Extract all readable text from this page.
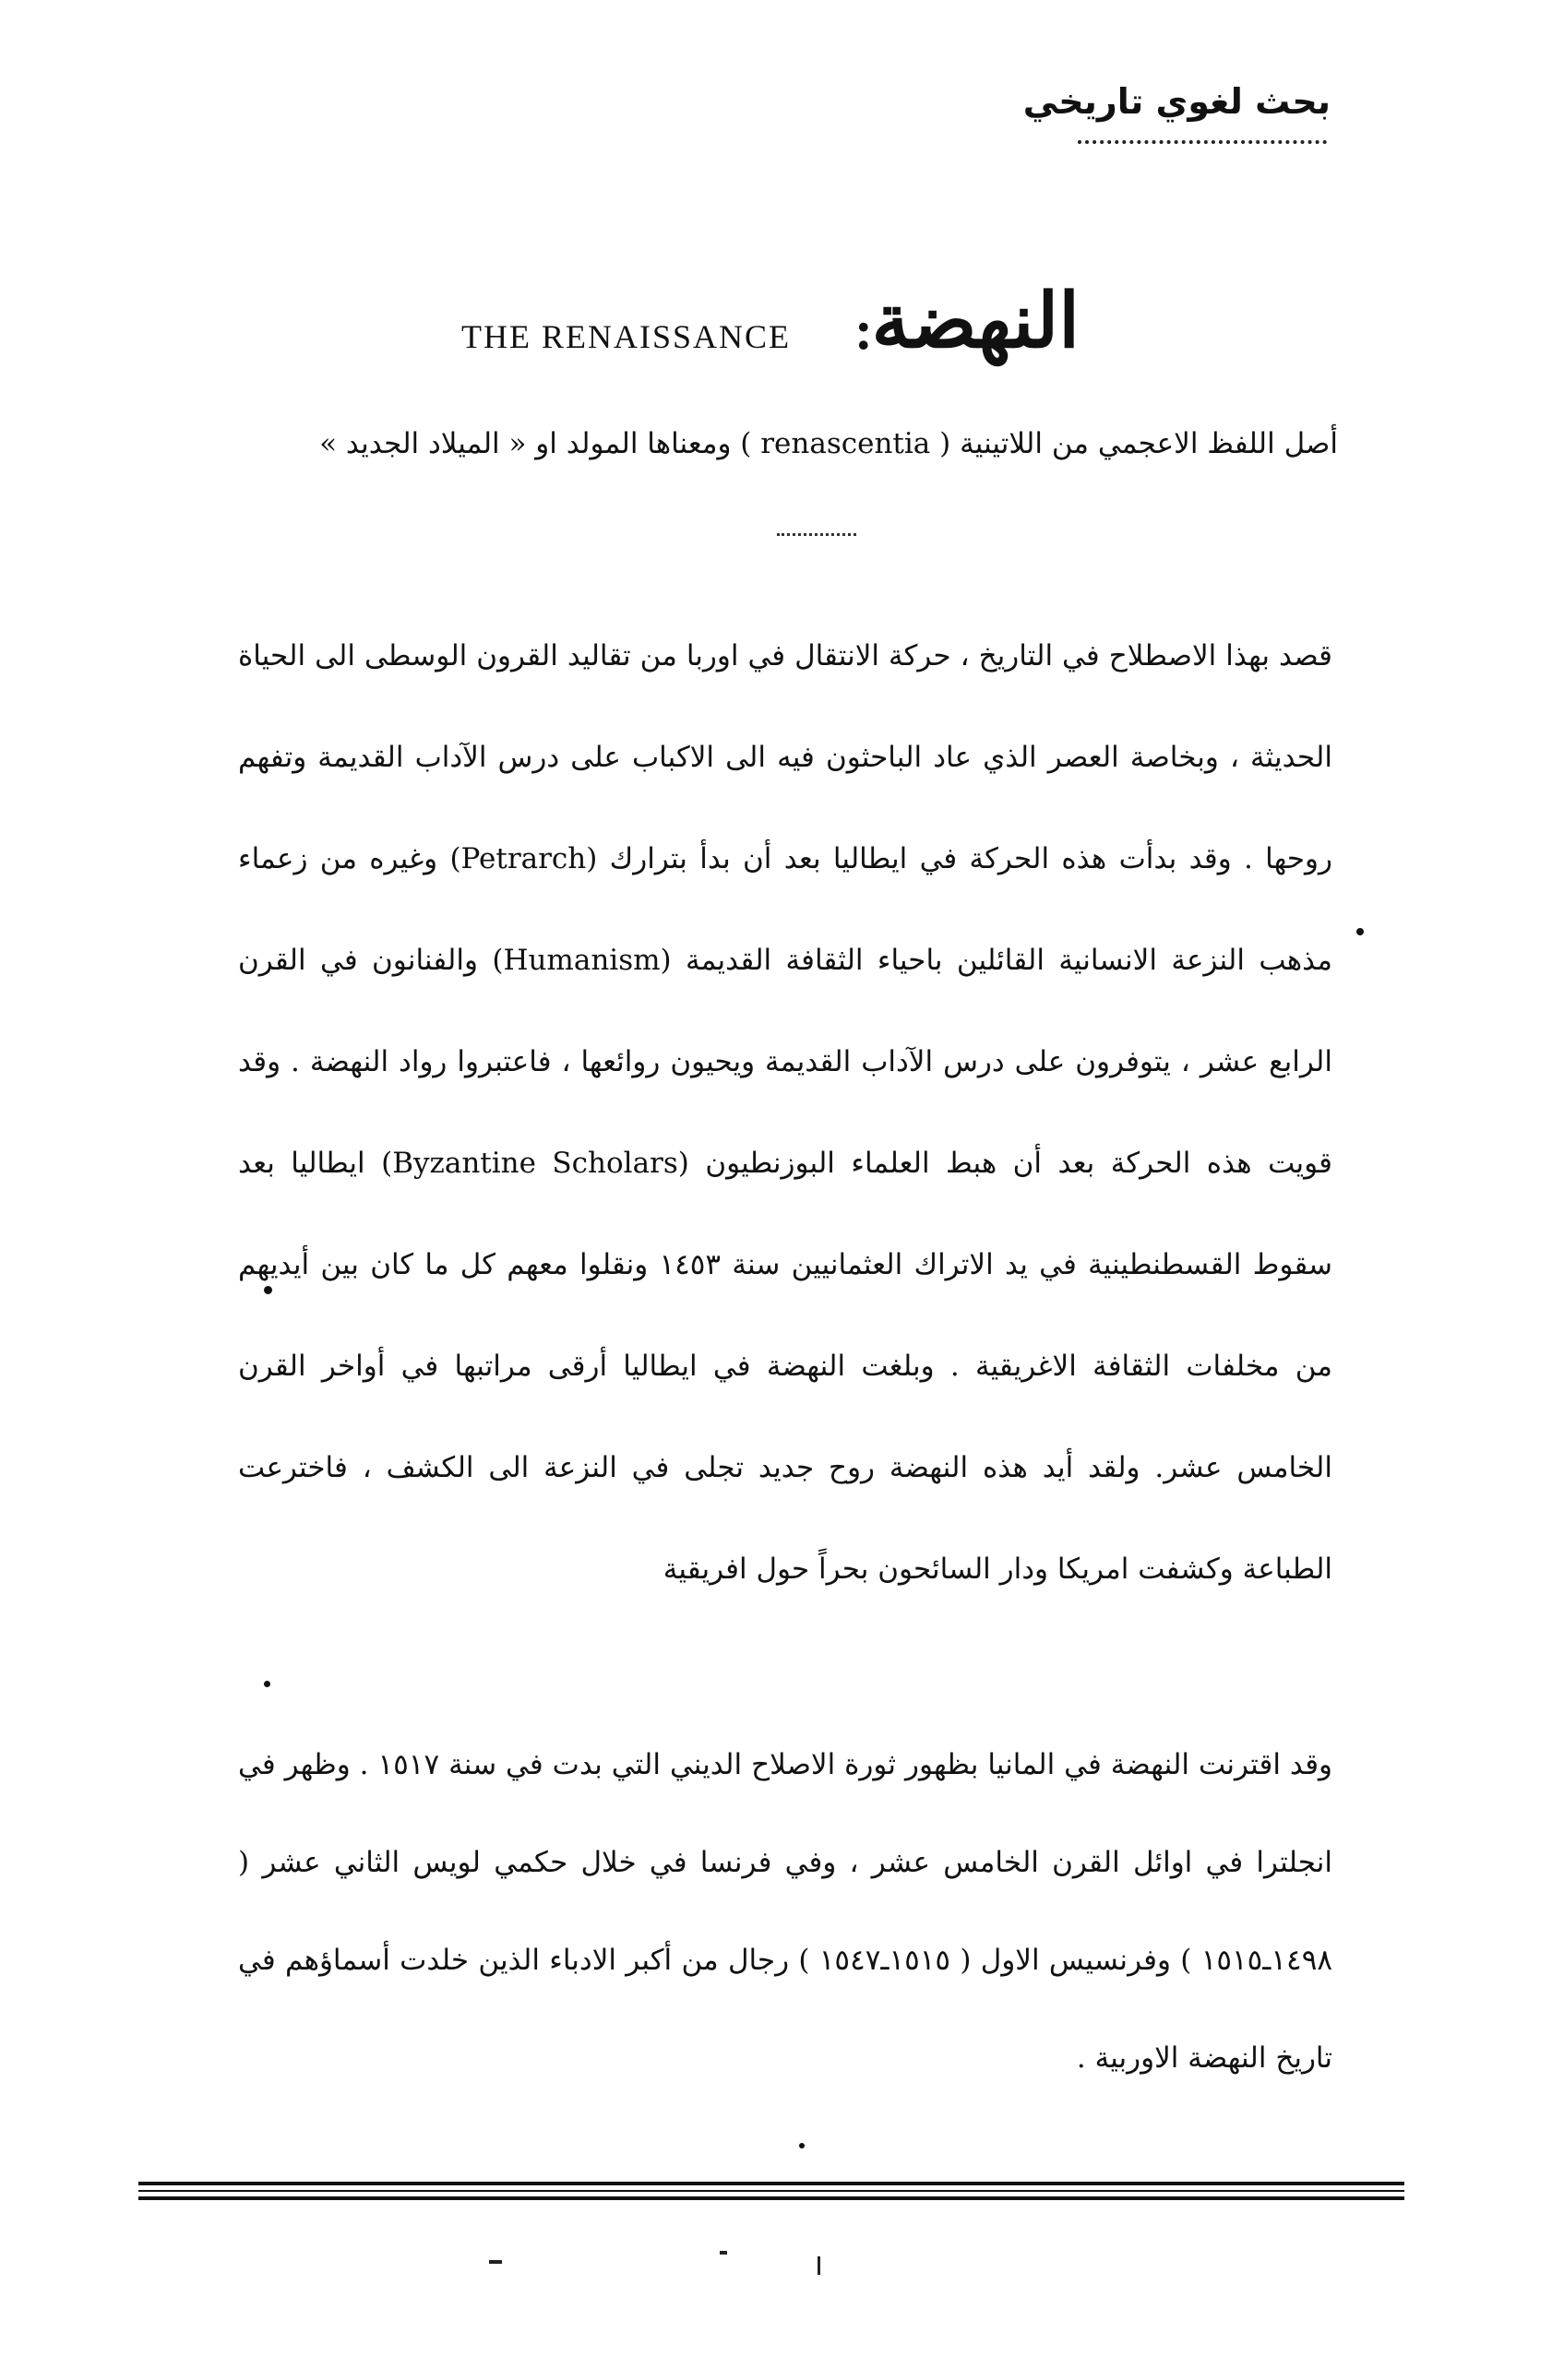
بحث لغوي تاريخي
THE RENAISSANCE :
النهضة
أصل اللفظ الاعجمي من اللاتينية ( renascentia ) ومعناها المولد او « الميلاد الجديد »
قصد بهذا الاصطلاح في التاريخ ، حركة الانتقال في اوربا من تقاليد القرون الوسطى الى الحياة الحديثة ، وبخاصة العصر الذي عاد الباحثون فيه الى الاكباب على درس الآداب القديمة وتفهم روحها . وقد بدأت هذه الحركة في ايطاليا بعد أن بدأ بترارك (Petrarch) وغيره من زعماء مذهب النزعة الانسانية القائلين باحياء الثقافة القديمة (Humanism) والفنانون في القرن الرابع عشر ، يتوفرون على درس الآداب القديمة ويحيون روائعها ، فاعتبروا رواد النهضة . وقد قويت هذه الحركة بعد أن هبط العلماء البوزنطيون (Byzantine Scholars) ايطاليا بعد سقوط القسطنطينية في يد الاتراك العثمانيين سنة ١٤٥٣ ونقلوا معهم كل ما كان بين أيديهم من مخلفات الثقافة الاغريقية . وبلغت النهضة في ايطاليا أرقى مراتبها في أواخر القرن الخامس عشر. ولقد أيد هذه النهضة روح جديد تجلى في النزعة الى الكشف ، فاخترعت الطباعة وكشفت امريكا ودار السائحون بحراً حول افريقية
وقد اقترنت النهضة في المانيا بظهور ثورة الاصلاح الديني التي بدت في سنة ١٥١٧ . وظهر في انجلترا في اوائل القرن الخامس عشر ، وفي فرنسا في خلال حكمي لويس الثاني عشر ( ١٤٩٨ـ١٥١٥ ) وفرنسيس الاول ( ١٥١٥ـ١٥٤٧ ) رجال من أكبر الادباء الذين خلدت أسماؤهم في تاريخ النهضة الاوربية .
